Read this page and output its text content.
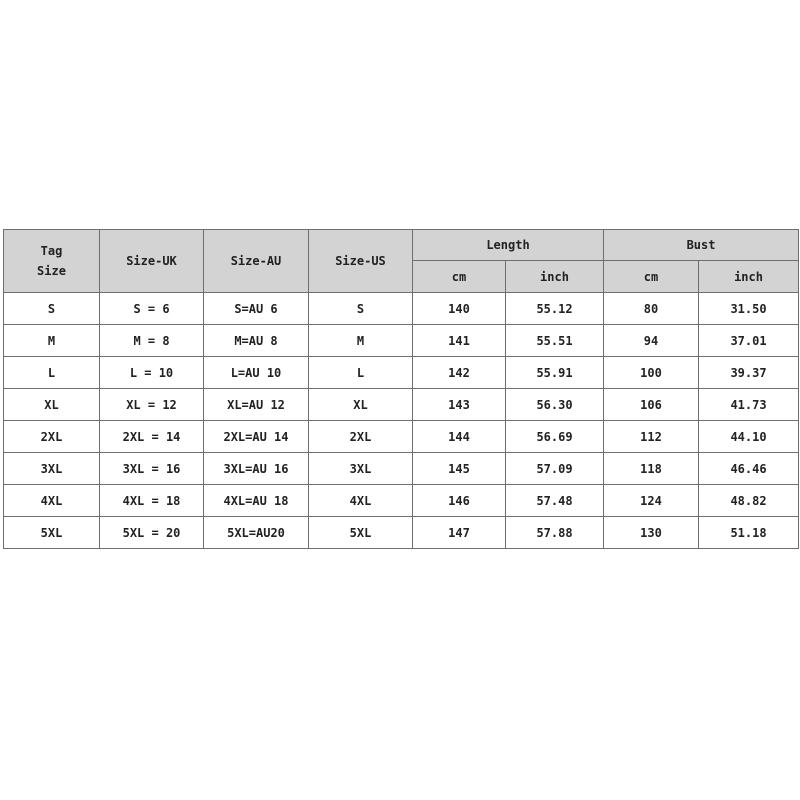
Tag
Size	Size-UK	Size-AU	Size-US	Length		Bust	
				cm	inch	cm	inch
S	S = 6	S=AU 6	S	140	55.12	80	31.50
M	M = 8	M=AU 8	M	141	55.51	94	37.01
L	L = 10	L=AU 10	L	142	55.91	100	39.37
XL	XL = 12	XL=AU 12	XL	143	56.30	106	41.73
2XL	2XL = 14	2XL=AU 14	2XL	144	56.69	112	44.10
3XL	3XL = 16	3XL=AU 16	3XL	145	57.09	118	46.46
4XL	4XL = 18	4XL=AU 18	4XL	146	57.48	124	48.82
5XL	5XL = 20	5XL=AU20	5XL	147	57.88	130	51.18
